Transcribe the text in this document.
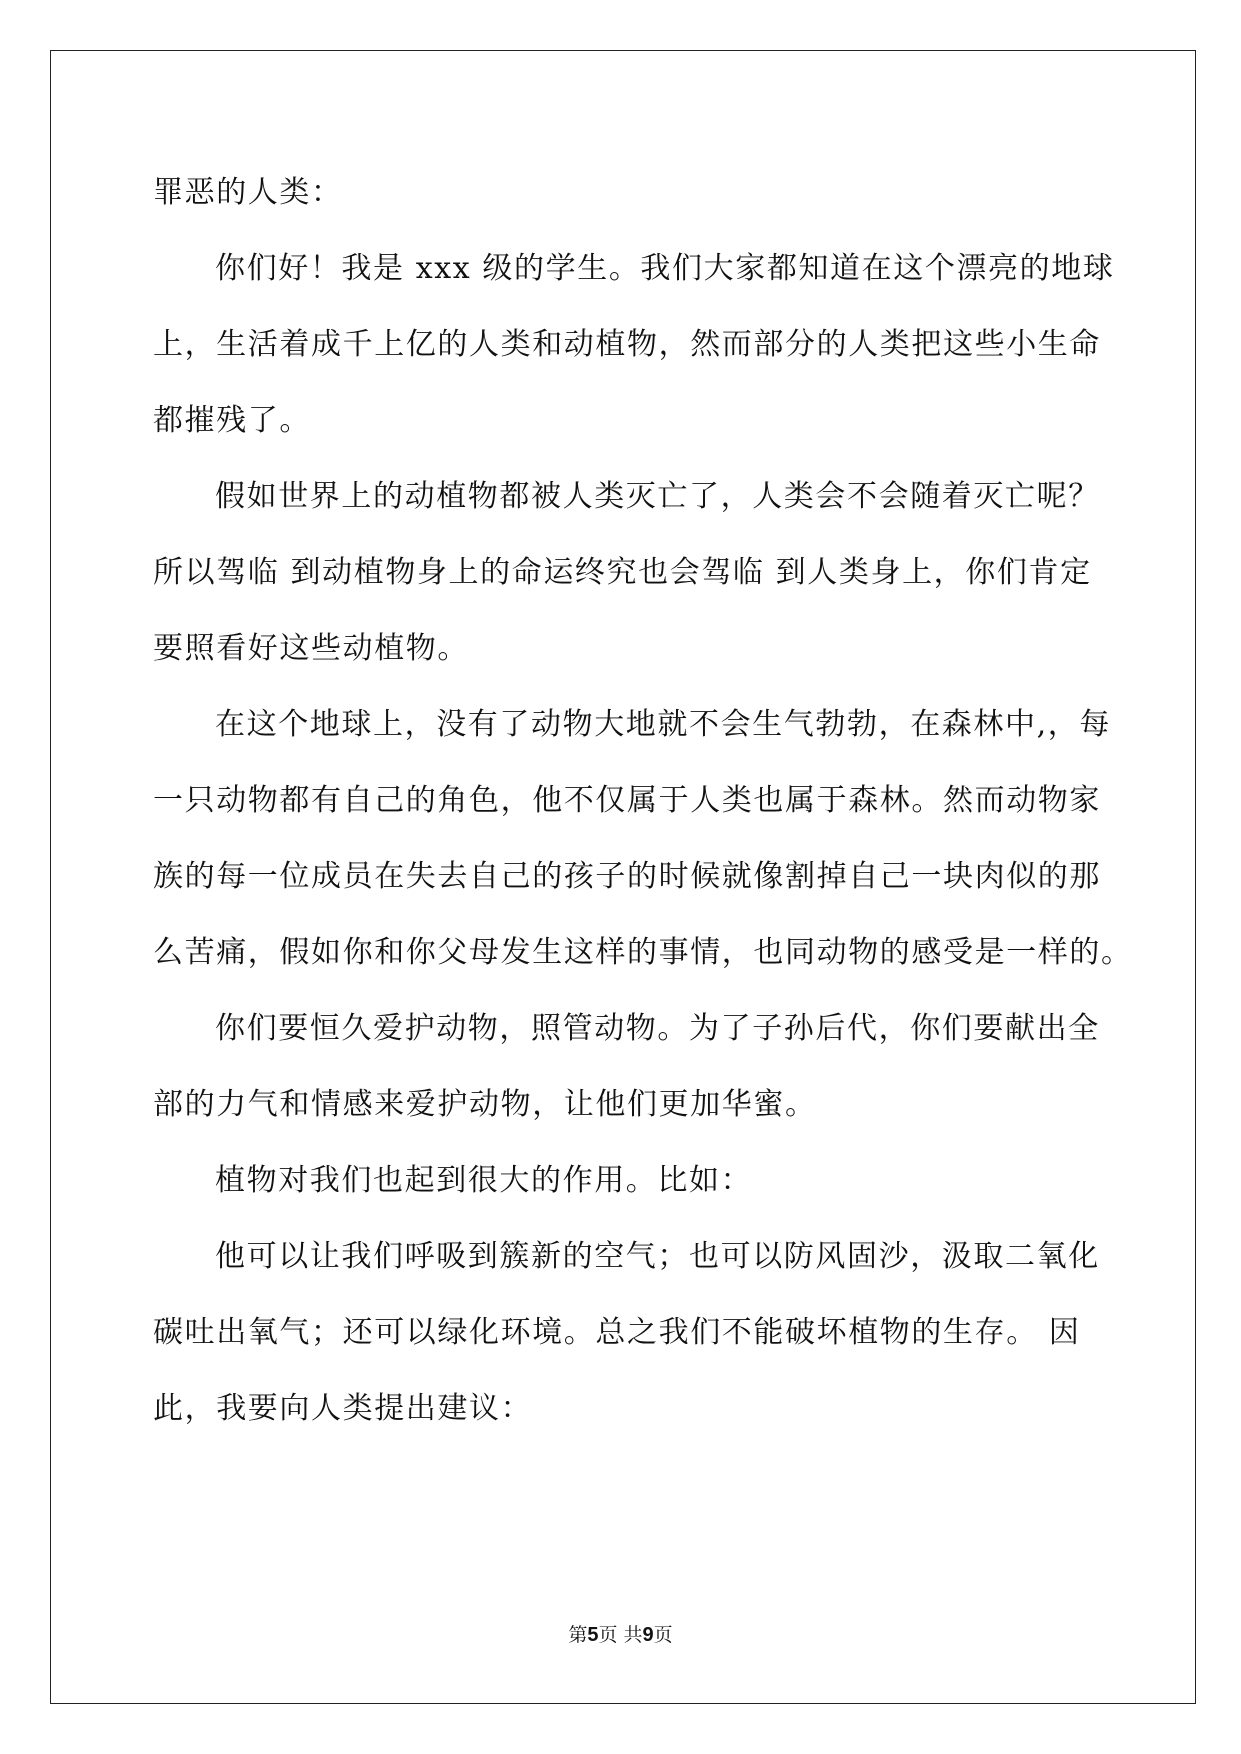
罪恶的人类：
你们好！我是 xxx 级的学生。我们大家都知道在这个漂亮的地球
上，生活着成千上亿的人类和动植物，然而部分的人类把这些小生命
都摧残了。
假如世界上的动植物都被人类灭亡了，人类会不会随着灭亡呢？
所以驾临 到动植物身上的命运终究也会驾临 到人类身上，你们肯定
要照看好这些动植物。
在这个地球上，没有了动物大地就不会生气勃勃，在森林中,，每
一只动物都有自己的角色，他不仅属于人类也属于森林。然而动物家
族的每一位成员在失去自己的孩子的时候就像割掉自己一块肉似的那
么苦痛，假如你和你父母发生这样的事情，也同动物的感受是一样的。
你们要恒久爱护动物，照管动物。为了子孙后代，你们要献出全
部的力气和情感来爱护动物，让他们更加华蜜。
植物对我们也起到很大的作用。比如：
他可以让我们呼吸到簇新的空气；也可以防风固沙，汲取二氧化
碳吐出氧气；还可以绿化环境。总之我们不能破坏植物的生存。 因
此，我要向人类提出建议：
第5页 共9页
